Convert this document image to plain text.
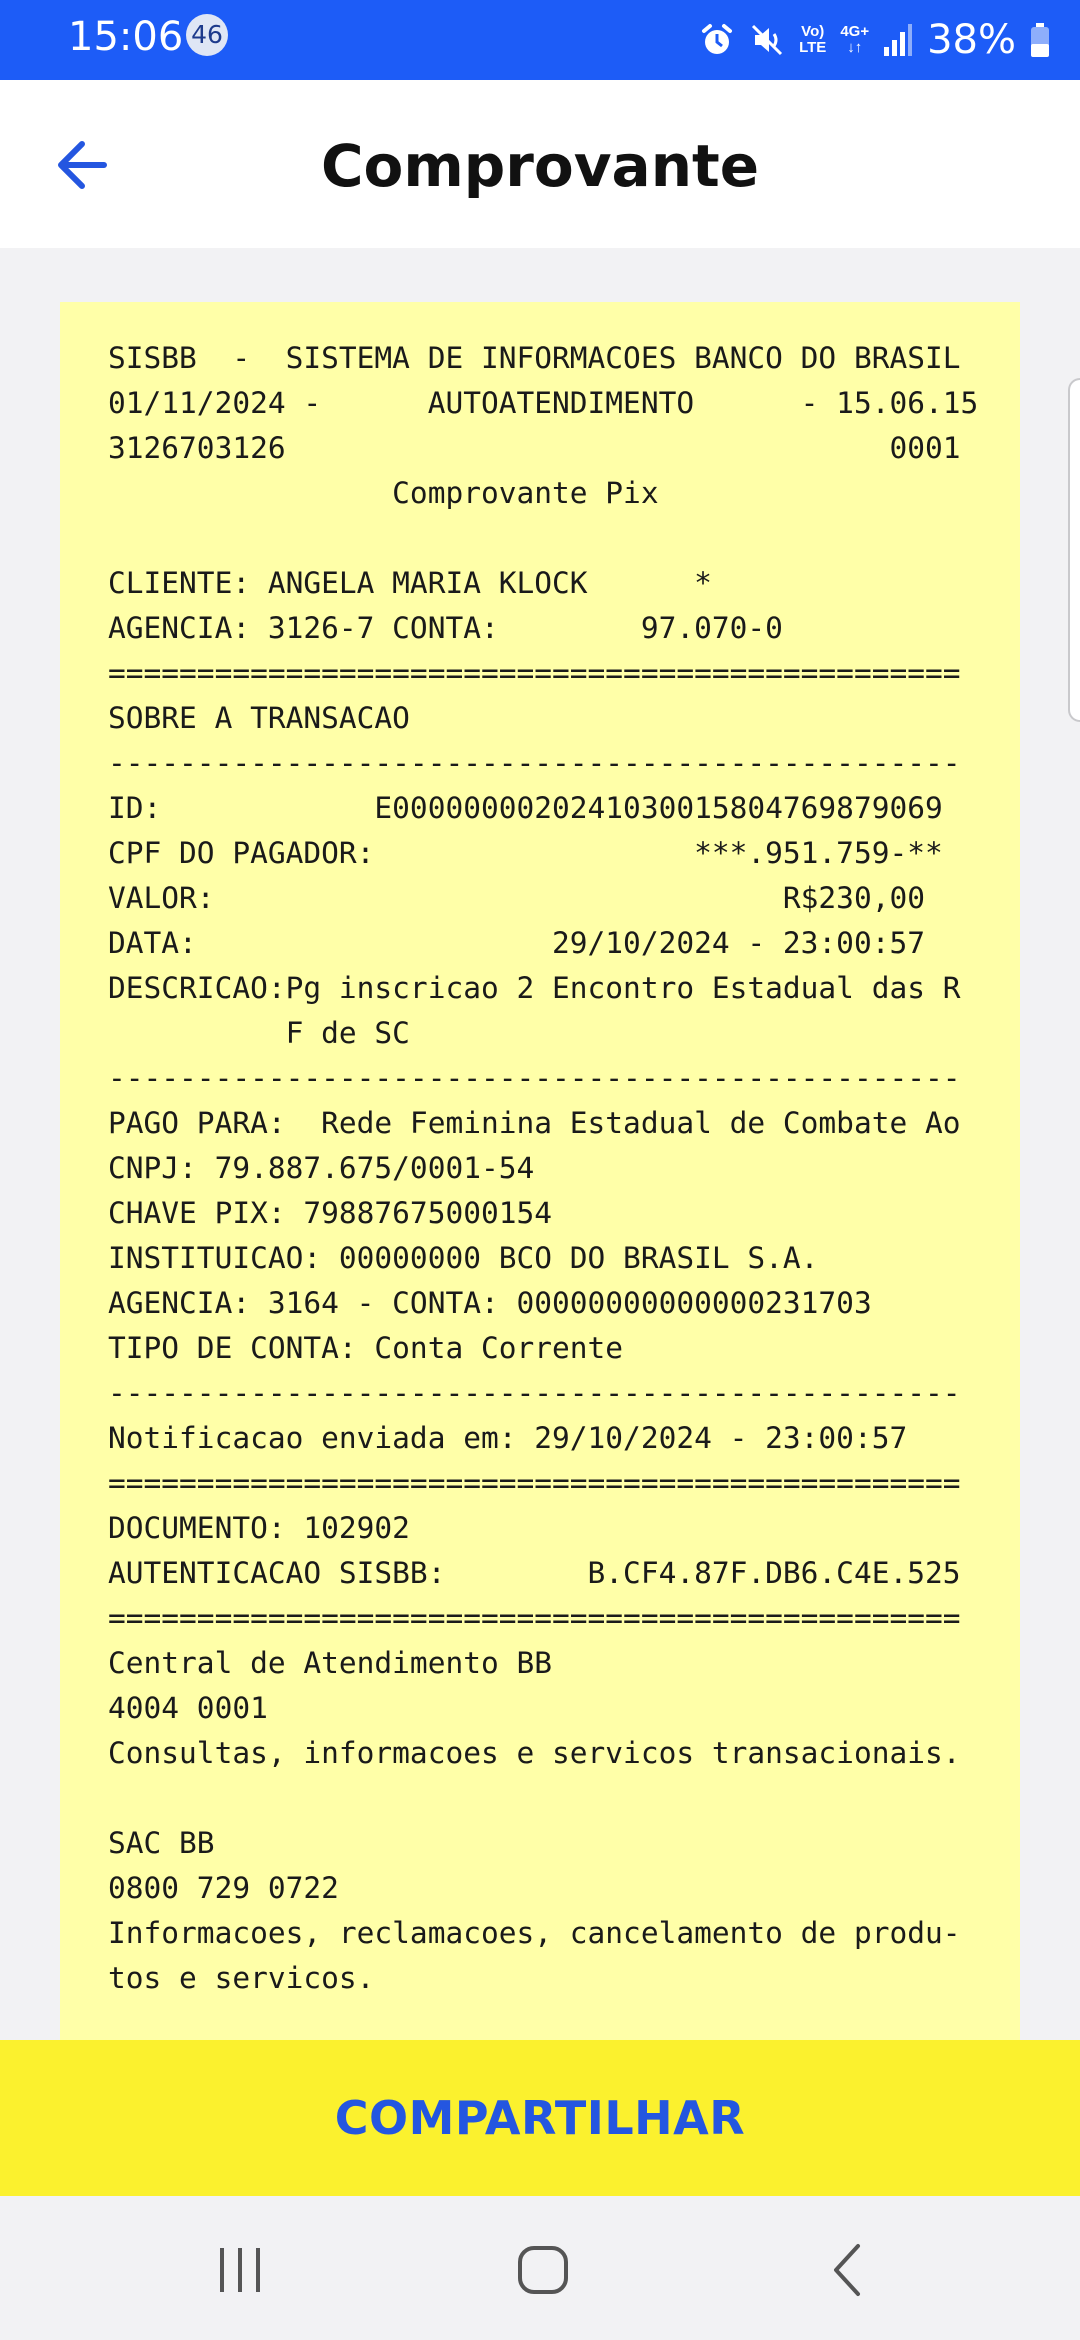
15:06 46	Vo)
LTE
4G+
↓↑ 38%
Comprovante
SISBB  -  SISTEMA DE INFORMACOES BANCO DO BRASIL
01/11/2024 -      AUTOATENDIMENTO      - 15.06.15
3126703126                                  0001
Comprovante Pix
CLIENTE: ANGELA MARIA KLOCK      *
AGENCIA: 3126-7 CONTA:        97.070-0
================================================
SOBRE A TRANSACAO
------------------------------------------------
ID:            E0000000020241030015804769879069
CPF DO PAGADOR:                  ***.951.759-**
VALOR:                                R$230,00
DATA:                    29/10/2024 - 23:00:57
DESCRICAO:Pg inscricao 2 Encontro Estadual das R
F de SC
------------------------------------------------
PAGO PARA:  Rede Feminina Estadual de Combate Ao
CNPJ: 79.887.675/0001-54
CHAVE PIX: 79887675000154
INSTITUICAO: 00000000 BCO DO BRASIL S.A.
AGENCIA: 3164 - CONTA: 00000000000000231703
TIPO DE CONTA: Conta Corrente
------------------------------------------------
Notificacao enviada em: 29/10/2024 - 23:00:57
================================================
DOCUMENTO: 102902
AUTENTICACAO SISBB:        B.CF4.87F.DB6.C4E.525
================================================
Central de Atendimento BB
4004 0001
Consultas, informacoes e servicos transacionais.
SAC BB
0800 729 0722
Informacoes, reclamacoes, cancelamento de produ-
tos e servicos.
COMPARTILHAR
